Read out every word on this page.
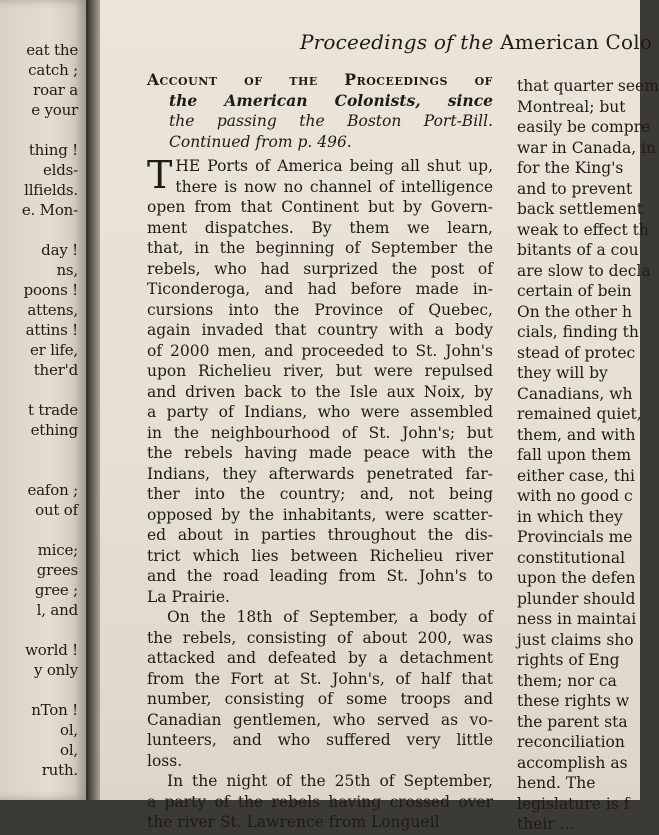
eat the
catch ;
roar a
e your
thing !
elds-
llfields.
e. Mon-
day !
ns,
poons !
attens,
attins !
er life,
ther'd
t trade
ething
eafon ;
out of
mice;
grees
gree ;
l, and
world !
y only
nTon !
ol,
ol,
ruth.
Proceedings of the American Colo
Account of the Proceedings of
the American Colonists, since
the passing the Boston Port-Bill.
Continued from p. 496.
T HE Ports of America being all shut up,
there is now no channel of intelligence
open from that Continent but by Govern-
ment dispatches. By them we learn,
that, in the beginning of September the
rebels, who had surprized the post of
Ticonderoga, and had before made in-
cursions into the Province of Quebec,
again invaded that country with a body
of 2000 men, and proceeded to St. John's
upon Richelieu river, but were repulsed
and driven back to the Isle aux Noix, by
a party of Indians, who were assembled
in the neighbourhood of St. John's; but
the rebels having made peace with the
Indians, they afterwards penetrated far-
ther into the country; and, not being
opposed by the inhabitants, were scatter-
ed about in parties throughout the dis-
trict which lies between Richelieu river
and the road leading from St. John's to
La Prairie.
On the 18th of September, a body of
the rebels, consisting of about 200, was
attacked and defeated by a detachment
from the Fort at St. John's, of half that
number, consisting of some troops and
Canadian gentlemen, who served as vo-
lunteers, and who suffered very little
loss.
In the night of the 25th of September,
a party of the rebels having crossed over
the river St. Lawrence from Longueil
that quarter seem
Montreal; but
easily be compre
war in Canada, in
for the King's
and to prevent
back settlement
weak to effect th
bitants of a cou
are slow to decla
certain of bein
On the other h
cials, finding th
stead of protec
they will by
Canadians, wh
remained quiet,
them, and with
fall upon them
either case, thi
with no good c
in which they
Provincials me
constitutional
upon the defen
plunder should
ness in maintai
just claims sho
rights of Eng
them; nor ca
these rights w
the parent sta
reconciliation
accomplish as
hend. The
legislature is f
their ...
